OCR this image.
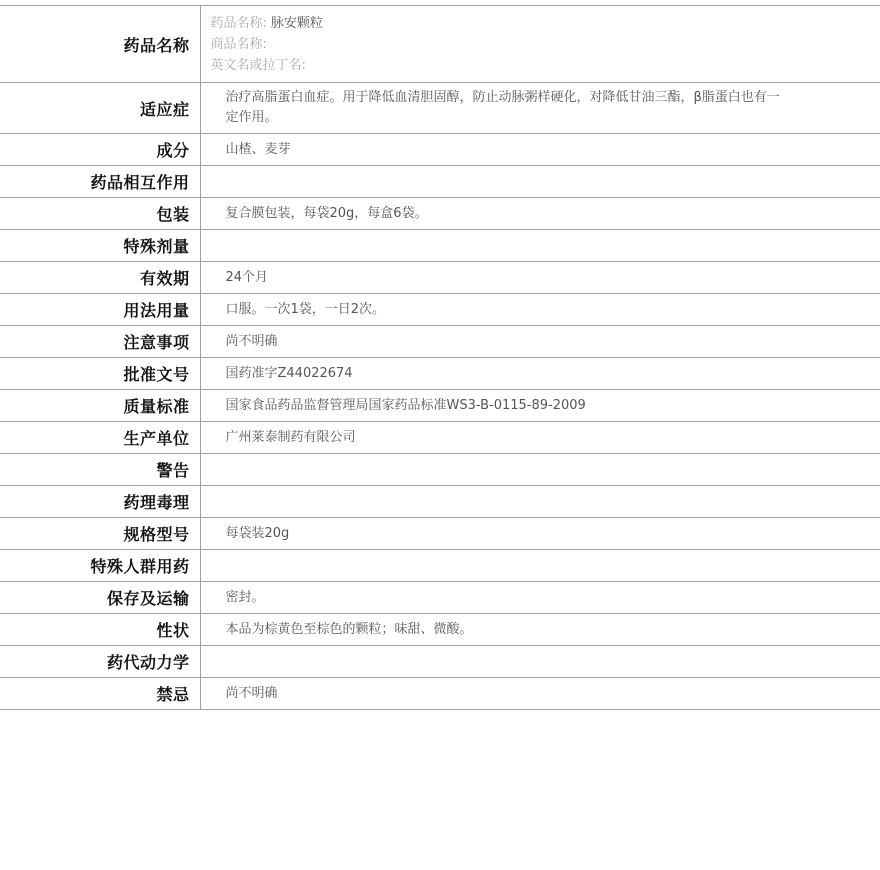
药品名称	药品名称: 脉安颗粒
商品名称:
英文名或拉丁名:

适应症	治疗高脂蛋白血症。用于降低血清胆固醇，防止动脉粥样硬化，对降低甘油三酯，β脂蛋白也有一定作用。

成分	山楂、麦芽
药品相互作用	
包装	复合膜包装，每袋20g，每盒6袋。
特殊剂量	
有效期	24个月
用法用量	口服。一次1袋，一日2次。
注意事项	尚不明确
批准文号	国药准字Z44022674
质量标准	国家食品药品监督管理局国家药品标准WS3-B-0115-89-2009
生产单位	广州莱泰制药有限公司
警告	
药理毒理	
规格型号	每袋装20g
特殊人群用药	
保存及运输	密封。
性状	本品为棕黄色至棕色的颗粒；味甜、微酸。
药代动力学	
禁忌	尚不明确
